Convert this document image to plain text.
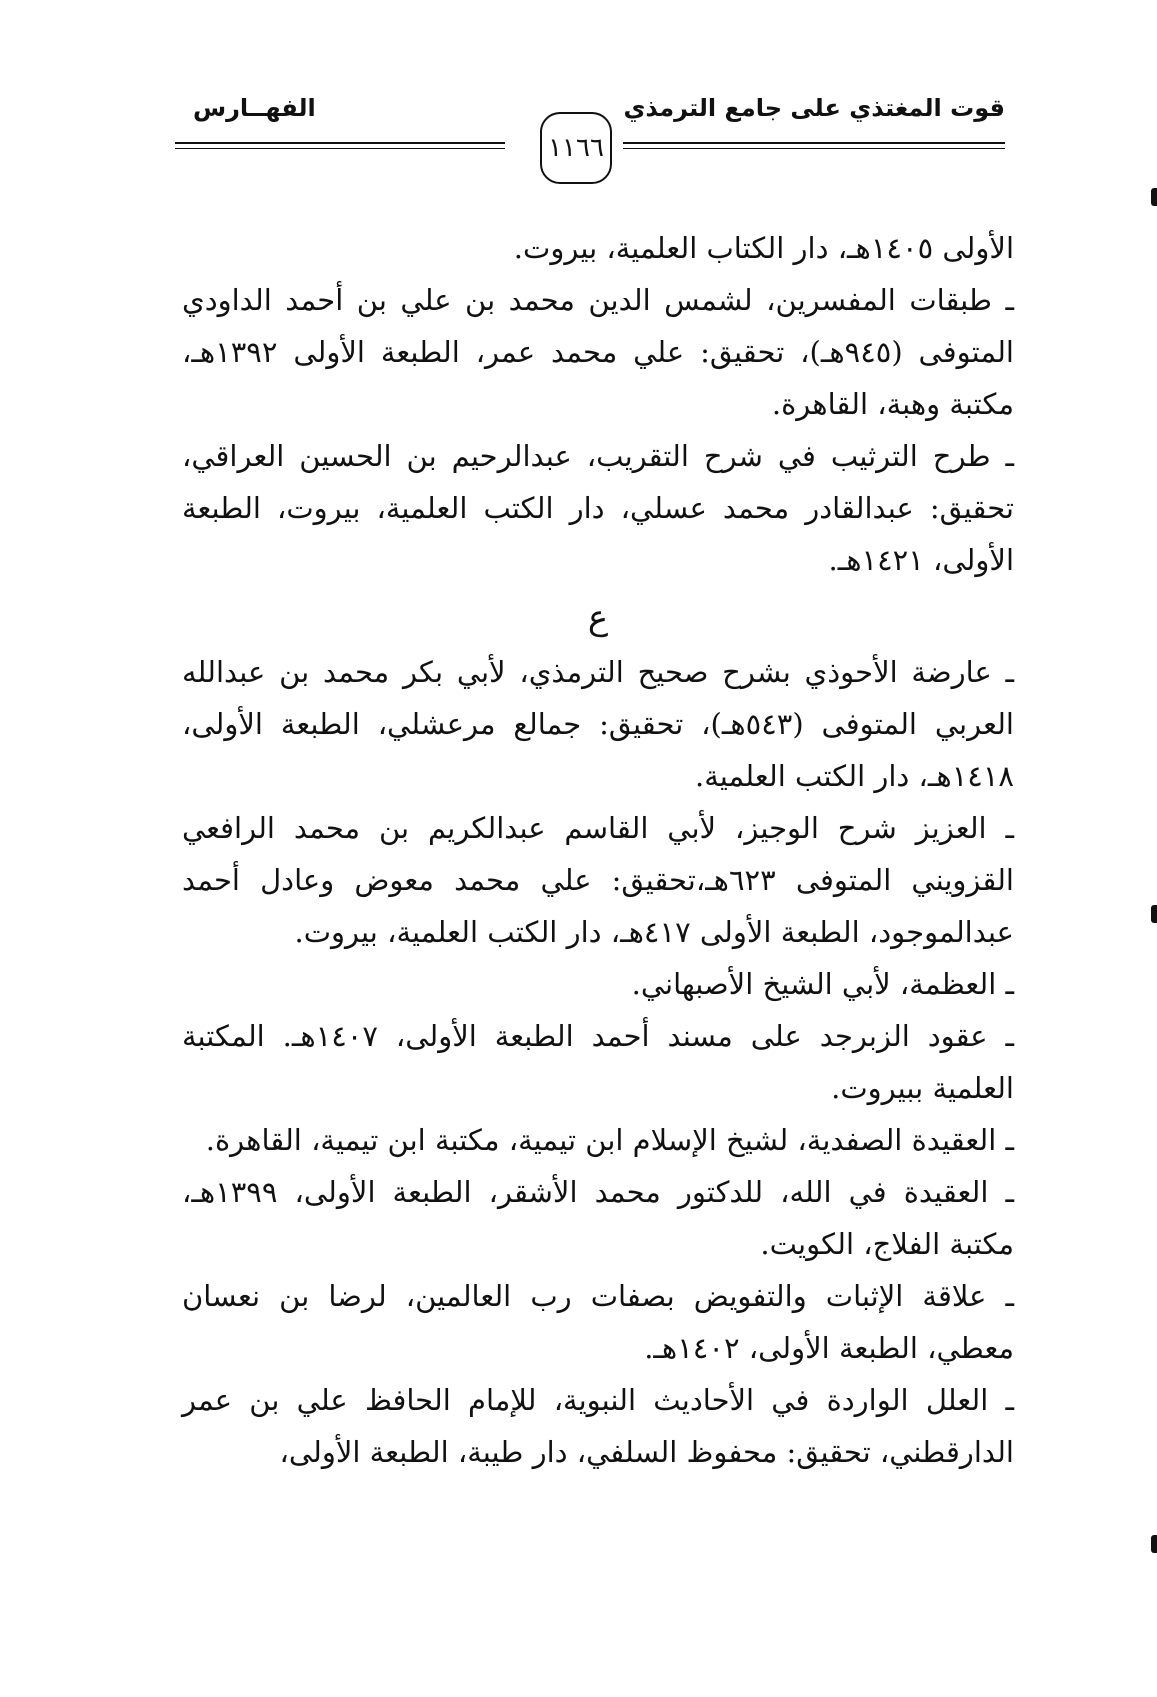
قوت المغتذي على جامع الترمذي
الفهــارس
١١٦٦

الأولى ١٤٠٥هـ، دار الكتاب العلمية، بيروت.

ـ طبقات المفسرين، لشمس الدين محمد بن علي بن أحمد الداودي المتوفى (٩٤٥هـ)، تحقيق: علي محمد عمر، الطبعة الأولى ١٣٩٢هـ، مكتبة وهبة، القاهرة.

ـ طرح الترثيب في شرح التقريب، عبدالرحيم بن الحسين العراقي، تحقيق: عبدالقادر محمد عسلي، دار الكتب العلمية، بيروت، الطبعة الأولى، ١٤٢١هـ.

ع

ـ عارضة الأحوذي بشرح صحيح الترمذي، لأبي بكر محمد بن عبدالله العربي المتوفى (٥٤٣هـ)، تحقيق: جمالع مرعشلي، الطبعة الأولى، ١٤١٨هـ، دار الكتب العلمية.

ـ العزيز شرح الوجيز، لأبي القاسم عبدالكريم بن محمد الرافعي القزويني المتوفى ٦٢٣هـ،تحقيق: علي محمد معوض وعادل أحمد عبدالموجود، الطبعة الأولى ٤١٧هـ، دار الكتب العلمية، بيروت.

ـ العظمة، لأبي الشيخ الأصبهاني.

ـ عقود الزبرجد على مسند أحمد الطبعة الأولى، ١٤٠٧هـ. المكتبة العلمية ببيروت.

ـ العقيدة الصفدية، لشيخ الإسلام ابن تيمية، مكتبة ابن تيمية، القاهرة.

ـ العقيدة في الله، للدكتور محمد الأشقر، الطبعة الأولى، ١٣٩٩هـ، مكتبة الفلاج، الكويت.

ـ علاقة الإثبات والتفويض بصفات رب العالمين، لرضا بن نعسان معطي، الطبعة الأولى، ١٤٠٢هـ.

ـ العلل الواردة في الأحاديث النبوية، للإمام الحافظ علي بن عمر الدارقطني، تحقيق: محفوظ السلفي، دار طيبة، الطبعة الأولى،
